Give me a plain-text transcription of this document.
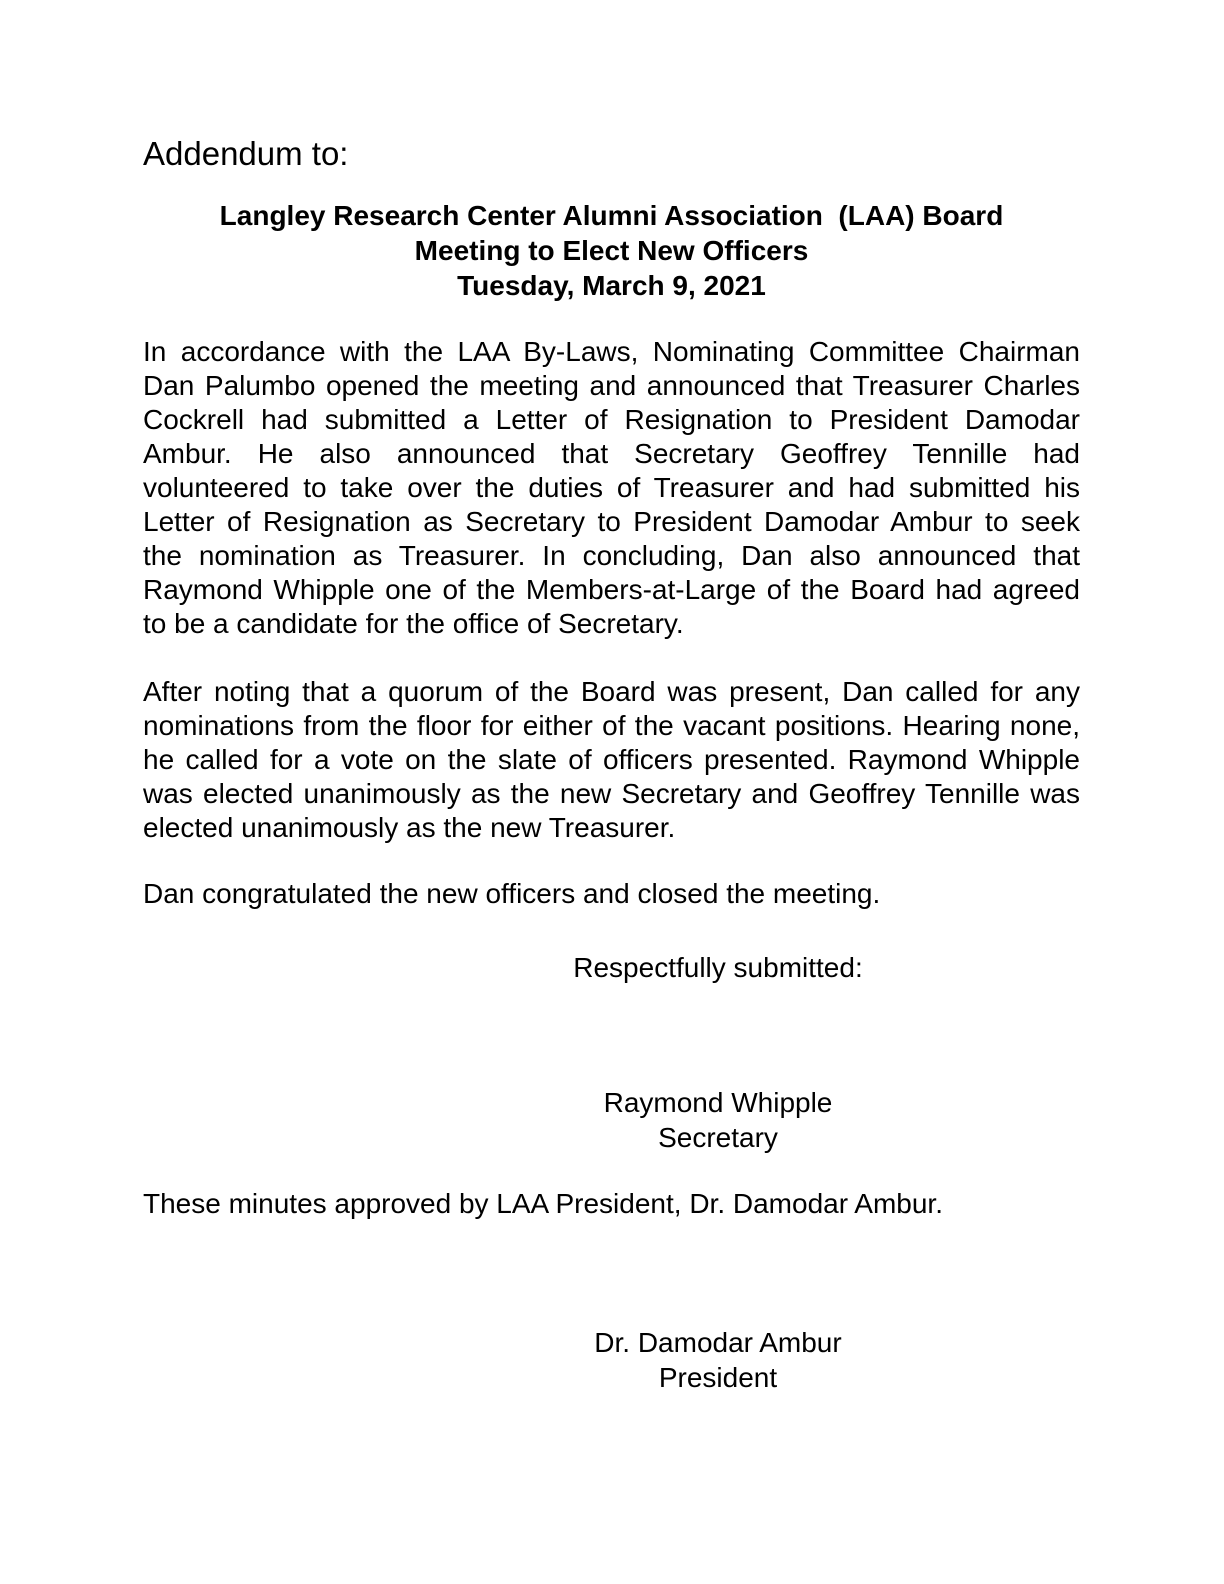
Addendum to:
Langley Research Center Alumni Association  (LAA) Board
Meeting to Elect New Officers
Tuesday, March 9, 2021
In accordance with the LAA By-Laws, Nominating Committee Chairman
Dan Palumbo opened the meeting and announced that Treasurer Charles
Cockrell had submitted a Letter of Resignation to President Damodar
Ambur. He also announced that Secretary Geoffrey Tennille had
volunteered to take over the duties of Treasurer and had submitted his
Letter of Resignation as Secretary to President Damodar Ambur to seek
the nomination as Treasurer. In concluding, Dan also announced that
Raymond Whipple one of the Members-at-Large of the Board had agreed
to be a candidate for the office of Secretary.
After noting that a quorum of the Board was present, Dan called for any
nominations from the floor for either of the vacant positions. Hearing none,
he called for a vote on the slate of officers presented. Raymond Whipple
was elected unanimously as the new Secretary and Geoffrey Tennille was
elected unanimously as the new Treasurer.
Dan congratulated the new officers and closed the meeting.
Respectfully submitted:
Raymond Whipple
Secretary
These minutes approved by LAA President, Dr. Damodar Ambur.
Dr. Damodar Ambur
President
